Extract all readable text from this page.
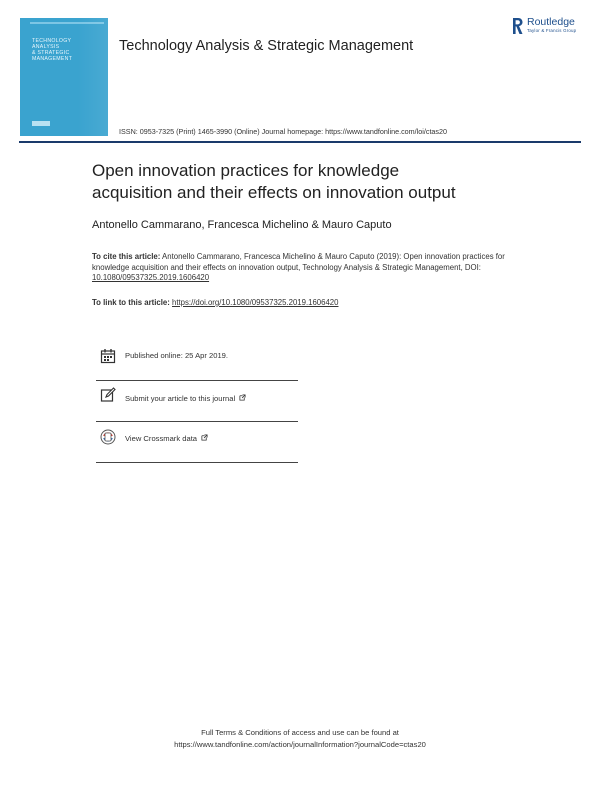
TECHNOLOGY
ANALYSIS
& STRATEGIC
MANAGEMENT
Technology Analysis & Strategic Management
Routledge
Taylor & Francis Group
ISSN: 0953-7325 (Print) 1465-3990 (Online) Journal homepage: https://www.tandfonline.com/loi/ctas20
Open innovation practices for knowledge
acquisition and their effects on innovation output
Antonello Cammarano, Francesca Michelino & Mauro Caputo
To cite this article: Antonello Cammarano, Francesca Michelino & Mauro Caputo (2019): Open innovation practices for knowledge acquisition and their effects on innovation output, Technology Analysis & Strategic Management, DOI: 10.1080/09537325.2019.1606420
To link to this article: https://doi.org/10.1080/09537325.2019.1606420
Published online: 25 Apr 2019.
Submit your article to this journal
View Crossmark data
Full Terms & Conditions of access and use can be found at
https://www.tandfonline.com/action/journalInformation?journalCode=ctas20
